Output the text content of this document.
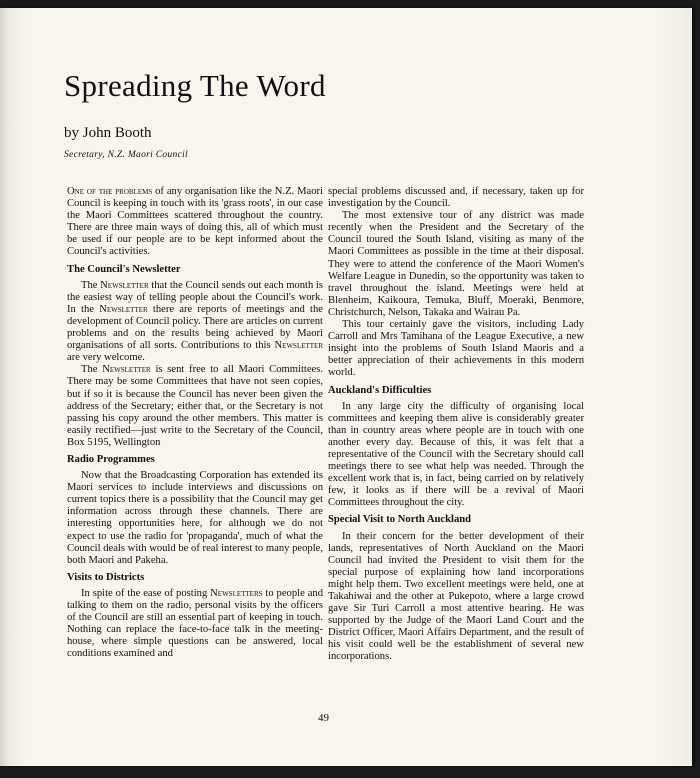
Spreading The Word
by John Booth
Secretary, N.Z. Maori Council

One of the problems of any organisation like the N.Z. Maori Council is keeping in touch with its 'grass roots', in our case the Maori Committees scattered throughout the country. There are three main ways of doing this, all of which must be used if our people are to be kept informed about the Council's activities.

The Council's Newsletter

The Newsletter that the Council sends out each month is the easiest way of telling people about the Council's work. In the Newsletter there are reports of meetings and the development of Council policy. There are articles on current problems and on the results being achieved by Maori organisations of all sorts. Contributions to this Newsletter are very welcome.

The Newsletter is sent free to all Maori Committees. There may be some Committees that have not seen copies, but if so it is because the Council has never been given the address of the Secretary; either that, or the Secretary is not passing his copy around the other members. This matter is easily rectified—just write to the Secretary of the Council, Box 5195, Wellington

Radio Programmes

Now that the Broadcasting Corporation has extended its Maori services to include interviews and discussions on current topics there is a possibility that the Council may get information across through these channels. There are interesting opportunities here, for although we do not expect to use the radio for 'propaganda', much of what the Council deals with would be of real interest to many people, both Maori and Pakeha.

Visits to Districts

In spite of the ease of posting Newsletters to people and talking to them on the radio, personal visits by the officers of the Council are still an essential part of keeping in touch. Nothing can replace the face-to-face talk in the meeting-house, where simple questions can be answered, local conditions examined and

special problems discussed and, if necessary, taken up for investigation by the Council.

The most extensive tour of any district was made recently when the President and the Secretary of the Council toured the South Island, visiting as many of the Maori Committees as possible in the time at their disposal. They were to attend the conference of the Maori Women's Welfare League in Dunedin, so the opportunity was taken to travel throughout the island. Meetings were held at Blenheim, Kaikoura, Temuka, Bluff, Moeraki, Benmore, Christchurch, Nelson, Takaka and Wairau Pa.

This tour certainly gave the visitors, including Lady Carroll and Mrs Tamihana of the League Executive, a new insight into the problems of South Island Maoris and a better appreciation of their achievements in this modern world.

Auckland's Difficulties

In any large city the difficulty of organising local committees and keeping them alive is considerably greater than in country areas where people are in touch with one another every day. Because of this, it was felt that a representative of the Council with the Secretary should call meetings there to see what help was needed. Through the excellent work that is, in fact, being carried on by relatively few, it looks as if there will be a revival of Maori Committees throughout the city.

Special Visit to North Auckland

In their concern for the better development of their lands, representatives of North Auckland on the Maori Council had invited the President to visit them for the special purpose of explaining how land incorporations might help them. Two excellent meetings were held, one at Takahiwai and the other at Pukepoto, where a large crowd gave Sir Turi Carroll a most attentive hearing. He was supported by the Judge of the Maori Land Court and the District Officer, Maori Affairs Department, and the result of his visit could well be the establishment of several new incorporations.

49
